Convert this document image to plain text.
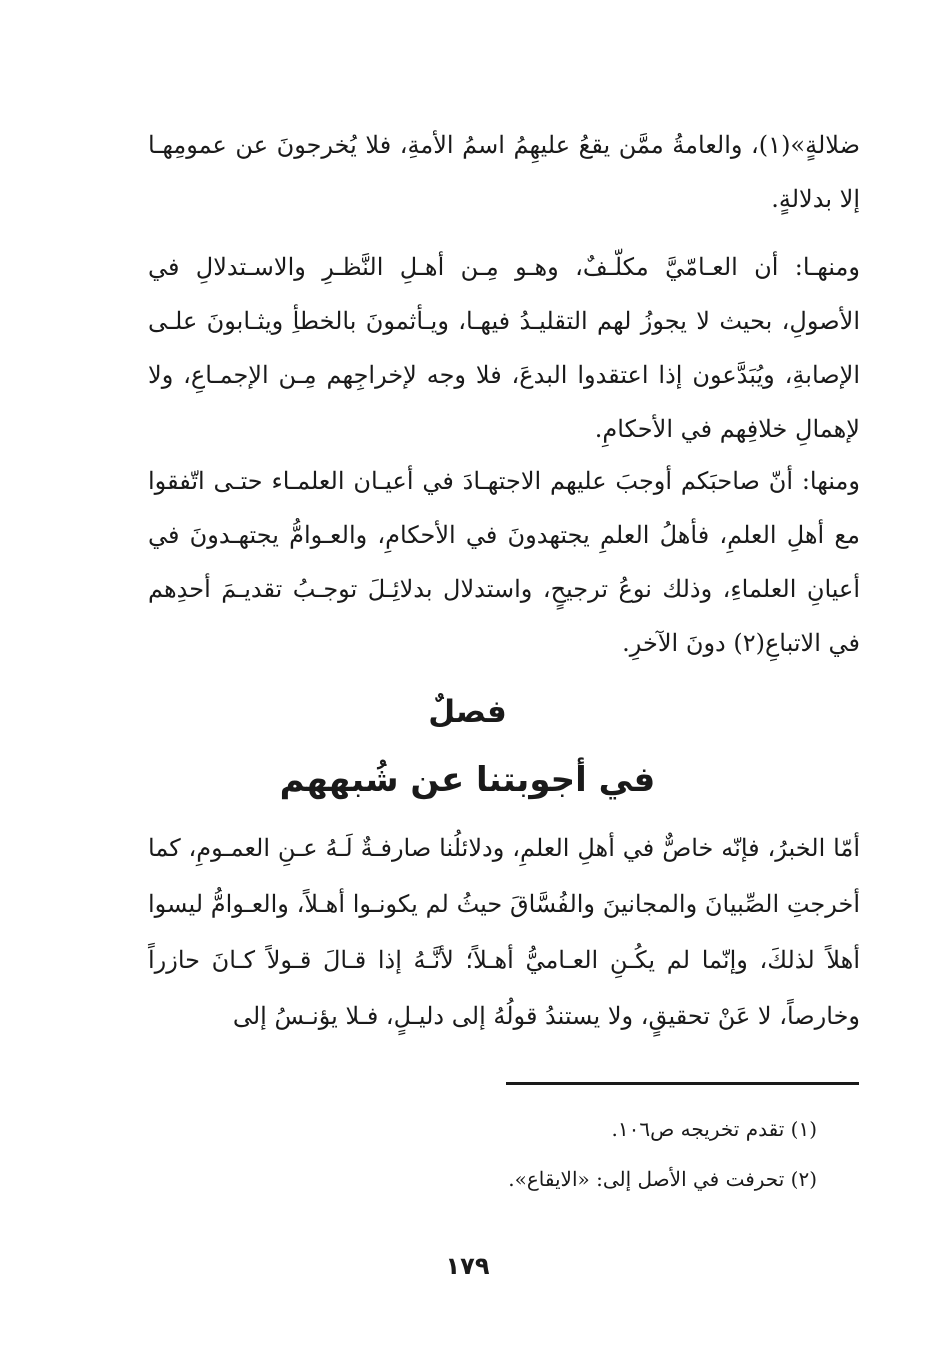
ضلالةٍ»(١)، والعامةُ ممَّن يقعُ عليهِمُ اسمُ الأمةِ، فلا يُخرجونَ عن عمومِهـا إلا بدلالةٍ.

ومنهـا: أن العـامّيَّ مكلّـفٌ، وهـو مِـن أهـلِ النَّظـرِ والاسـتدلالِ في الأصولِ، بحيث لا يجوزُ لهم التقليـدُ فيهـا، ويـأثمونَ بالخطأِ ويثـابونَ علـى الإصابةِ، ويُبَدَّعون إذا اعتقدوا البدعَ، فلا وجه لإخراجِهم مِـن الإجمـاعِ، ولا لإهمالِ خلافِهم في الأحكامِ.

ومنها: أنّ صاحبَكم أوجبَ عليهم الاجتهـادَ في أعيـان العلمـاء حتـى اتّفقوا مع أهلِ العلمِ، فأهلُ العلمِ يجتهدونَ في الأحكامِ، والعـوامُّ يجتهـدونَ في أعيانِ العلماءِ، وذلك نوعُ ترجيحٍ، واستدلال بدلائِـلَ توجـبُ تقديـمَ أحدِهم في الاتباعِ(٢) دونَ الآخرِ.

فصلٌ
في أجوبتنا عن شُبههم

أمّا الخبرُ، فإنّه خاصٌّ في أهلِ العلمِ، ودلائلُنا صارفـةٌ لَـهُ عـنِ العمـومِ، كما أخرجتِ الصِّبيانَ والمجانينَ والفُسَّاقَ حيثُ لم يكونـوا أهـلاً، والعـوامُّ ليسوا أهلاً لذلكَ، وإنّما لم يكُـنِ العـاميُّ أهـلاً؛ لأنَّـهُ إذا قـالَ قـولاً كـانَ حازراً وخارصاً، لا عَنْ تحقيقٍ، ولا يستندُ قولُهُ إلى دليـلٍ، فـلا يؤنـسُ إلى

(١) تقدم تخريجه ص١٠٦.

(٢) تحرفت في الأصل إلى: «الايقاع».

١٧٩
